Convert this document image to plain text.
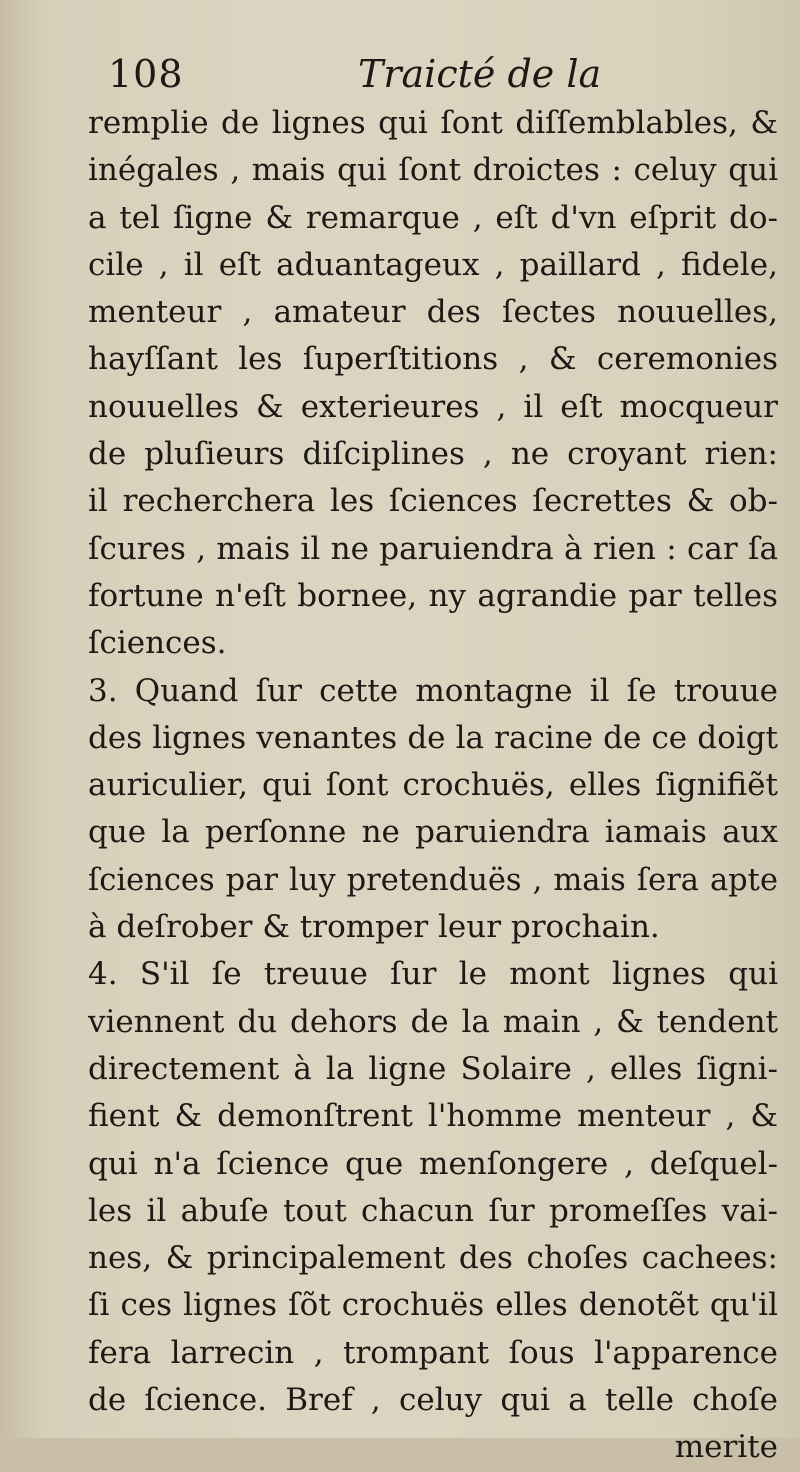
108	Traicté de la
remplie de lignes qui ſont diſſemblables, &
inégales , mais qui ſont droictes : celuy qui
a tel ſigne & remarque , eſt d'vn eſprit do-
cile , il eſt aduantageux , paillard , fidele,
menteur , amateur des ſectes nouuelles,
hayſſant les ſuperſtitions , & ceremonies
nouuelles & exterieures , il eſt mocqueur
de pluſieurs diſciplines , ne croyant rien:
il recherchera les ſciences ſecrettes & ob-
ſcures , mais il ne paruiendra à rien : car ſa
fortune n'eſt bornee, ny agrandie par telles
ſciences.
3. Quand ſur cette montagne il ſe trouue
des lignes venantes de la racine de ce doigt
auriculier, qui ſont crochuës, elles ſignifiẽt
que la perſonne ne paruiendra iamais aux
ſciences par luy pretenduës , mais ſera apte
à deſrober & tromper leur prochain.
4. S'il ſe treuue ſur le mont lignes qui
viennent du dehors de la main , & tendent
directement à la ligne Solaire , elles ſigni-
fient & demonſtrent l'homme menteur , &
qui n'a ſcience que menſongere , deſquel-
les il abuſe tout chacun ſur promeſſes vai-
nes, & principalement des choſes cachees:
ſi ces lignes ſõt crochuës elles denotẽt qu'il
fera larrecin , trompant ſous l'apparence
de ſcience. Bref , celuy qui a telle choſe
merite
